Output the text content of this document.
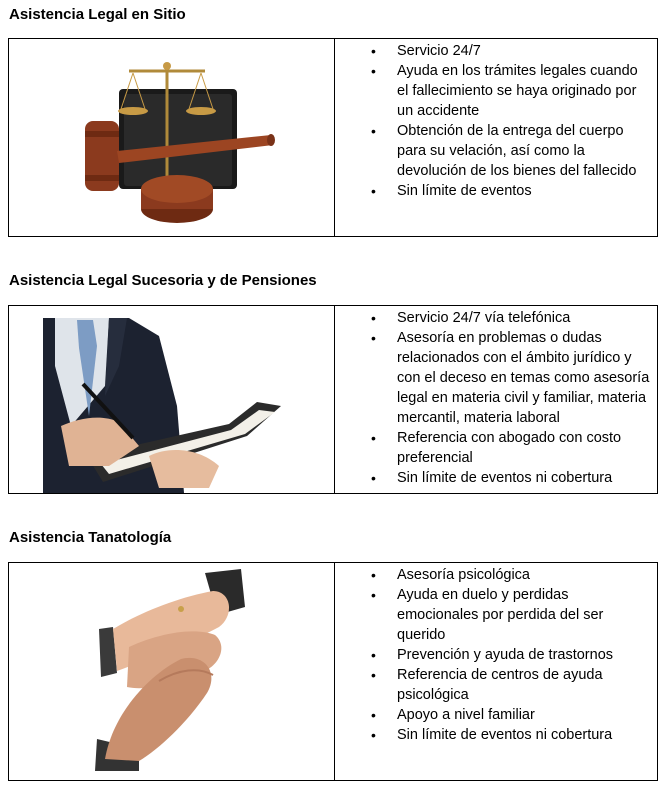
Asistencia Legal en Sitio
• Servicio 24/7
• Ayuda en los trámites legales cuando el fallecimiento se haya originado por un accidente
• Obtención de la entrega del cuerpo para su velación, así como la devolución de los bienes del fallecido
• Sin límite de eventos
Asistencia Legal Sucesoria y de Pensiones
• Servicio 24/7 vía telefónica
• Asesoría en problemas o dudas relacionados con el ámbito jurídico y con el deceso en temas como asesoría legal en materia civil y familiar, materia mercantil, materia laboral
• Referencia con abogado con costo preferencial
• Sin límite de eventos ni cobertura
Asistencia Tanatología
• Asesoría psicológica
• Ayuda en duelo y perdidas emocionales por perdida del ser querido
• Prevención y ayuda de trastornos
• Referencia de centros de ayuda psicológica
• Apoyo a nivel familiar
• Sin límite de eventos ni cobertura
